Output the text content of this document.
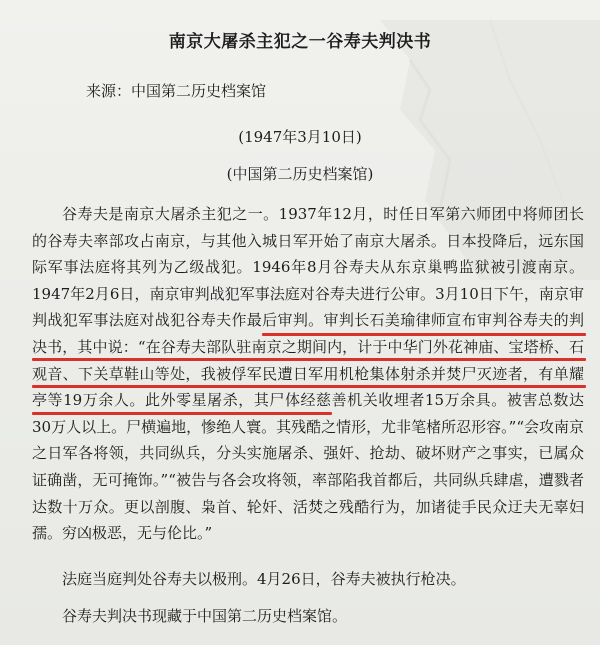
南京大屠杀主犯之一谷寿夫判决书
来源：中国第二历史档案馆
(1947年3月10日)
(中国第二历史档案馆)
谷寿夫是南京大屠杀主犯之一。1937年12月，时任日军第六师团中将师团长的谷寿夫率部攻占南京，与其他入城日军开始了南京大屠杀。日本投降后，远东国际军事法庭将其列为乙级战犯。1946年8月谷寿夫从东京巢鸭监狱被引渡南京。1947年2月6日，南京审判战犯军事法庭对谷寿夫进行公审。3月10日下午，南京审判战犯军事法庭对战犯谷寿夫作最后审判。审判长石美瑜律师宣布审判谷寿夫的判决书，其中说：“在谷寿夫部队驻南京之期间内，计于中华门外花神庙、宝塔桥、石观音、下关草鞋山等处，我被俘军民遭日军用机枪集体射杀并焚尸灭迹者，有单耀亭等19万余人。此外零星屠杀，其尸体经慈善机关收埋者15万余具。被害总数达30万人以上。尸横遍地，惨绝人寰。其残酷之情形，尤非笔楮所忍形容。”“会攻南京之日军各将领，共同纵兵，分头实施屠杀、强奸、抢劫、破坏财产之事实，已属众证确凿，无可掩饰。”“被告与各会攻将领，率部陷我首都后，共同纵兵肆虐，遭戮者达数十万众。更以剖腹、枭首、轮奸、活焚之残酷行为，加诸徒手民众迂夫无辜妇孺。穷凶极恶，无与伦比。”
法庭当庭判处谷寿夫以极刑。4月26日，谷寿夫被执行枪决。
谷寿夫判决书现藏于中国第二历史档案馆。
